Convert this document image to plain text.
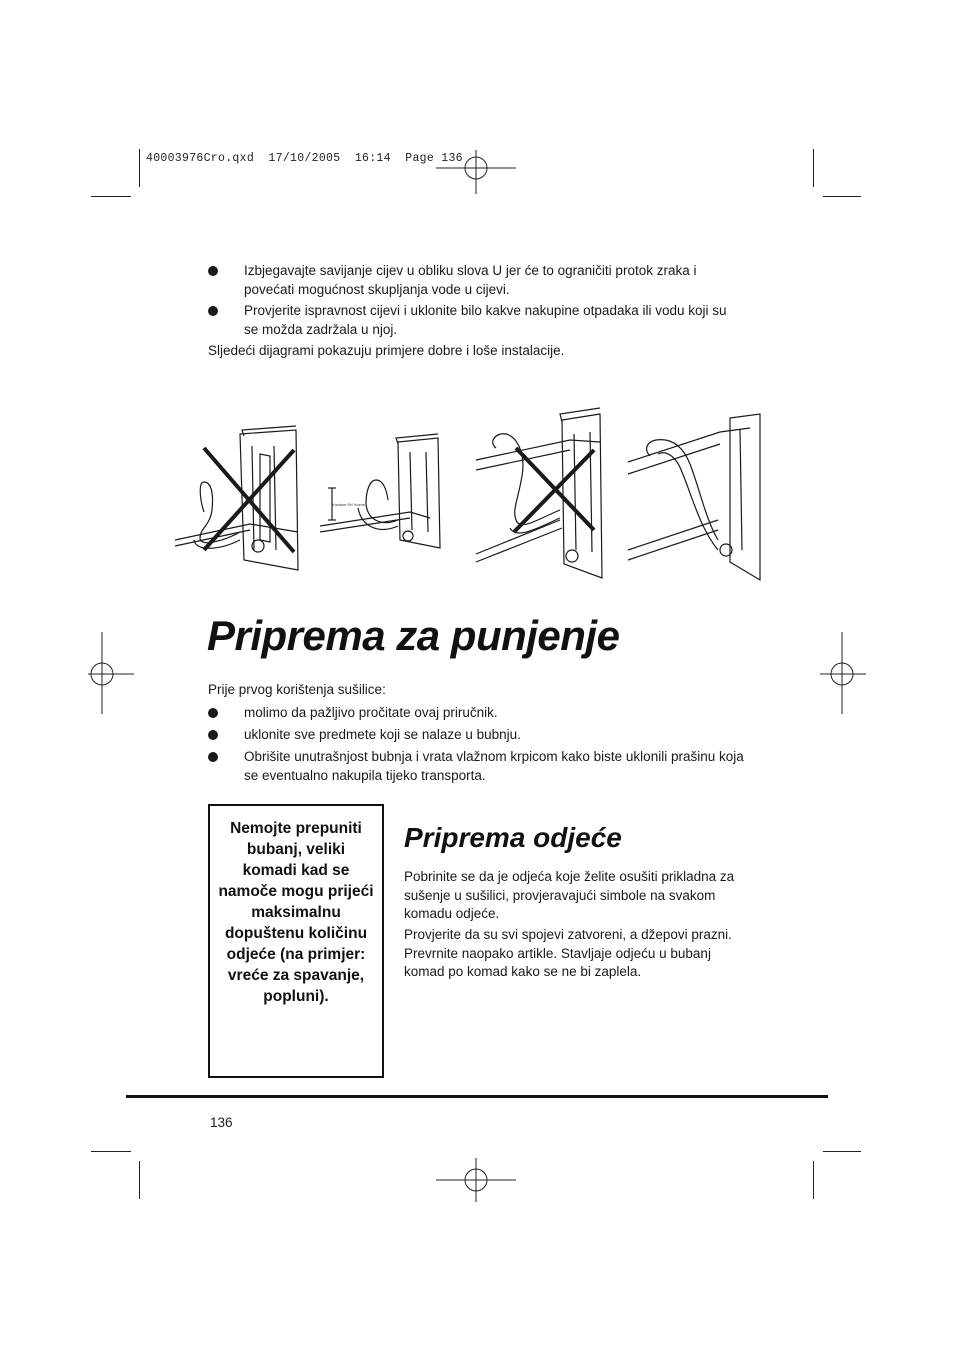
40003976Cro.qxd  17/10/2005  16:14  Page 136
Izbjegavajte savijanje cijev u obliku slova U jer će to ograničiti protok zraka i povećati mogućnost skupljanja vode u cijevi.
Provjerite ispravnost cijevi i uklonite bilo kakve nakupine otpadaka ili vodu koji su se možda zadržala u njoj.
Sljedeći dijagrami pokazuju primjere dobre i loše instalacije.
Kreatan SH Vozne
Priprema za punjenje
Prije prvog korištenja sušilice:
molimo da pažljivo pročitate ovaj priručnik.
uklonite sve predmete koji se nalaze u bubnju.
Obrišite unutrašnjost bubnja i vrata vlažnom krpicom kako biste uklonili prašinu koja se eventualno nakupila tijeko transporta.
Nemojte prepuniti bubanj, veliki komadi kad se namoče mogu prijeći maksimalnu dopuštenu količinu odjeće (na primjer: vreće za spavanje, popluni).
Priprema odjeće
Pobrinite se da je odjeća koje želite osušiti prikladna za sušenje u sušilici, provjeravajući simbole na svakom komadu odjeće.
Provjerite da su svi spojevi zatvoreni, a džepovi prazni. Prevrnite naopako artikle. Stavljaje odjeću u bubanj komad po komad kako se ne bi zaplela.
136
